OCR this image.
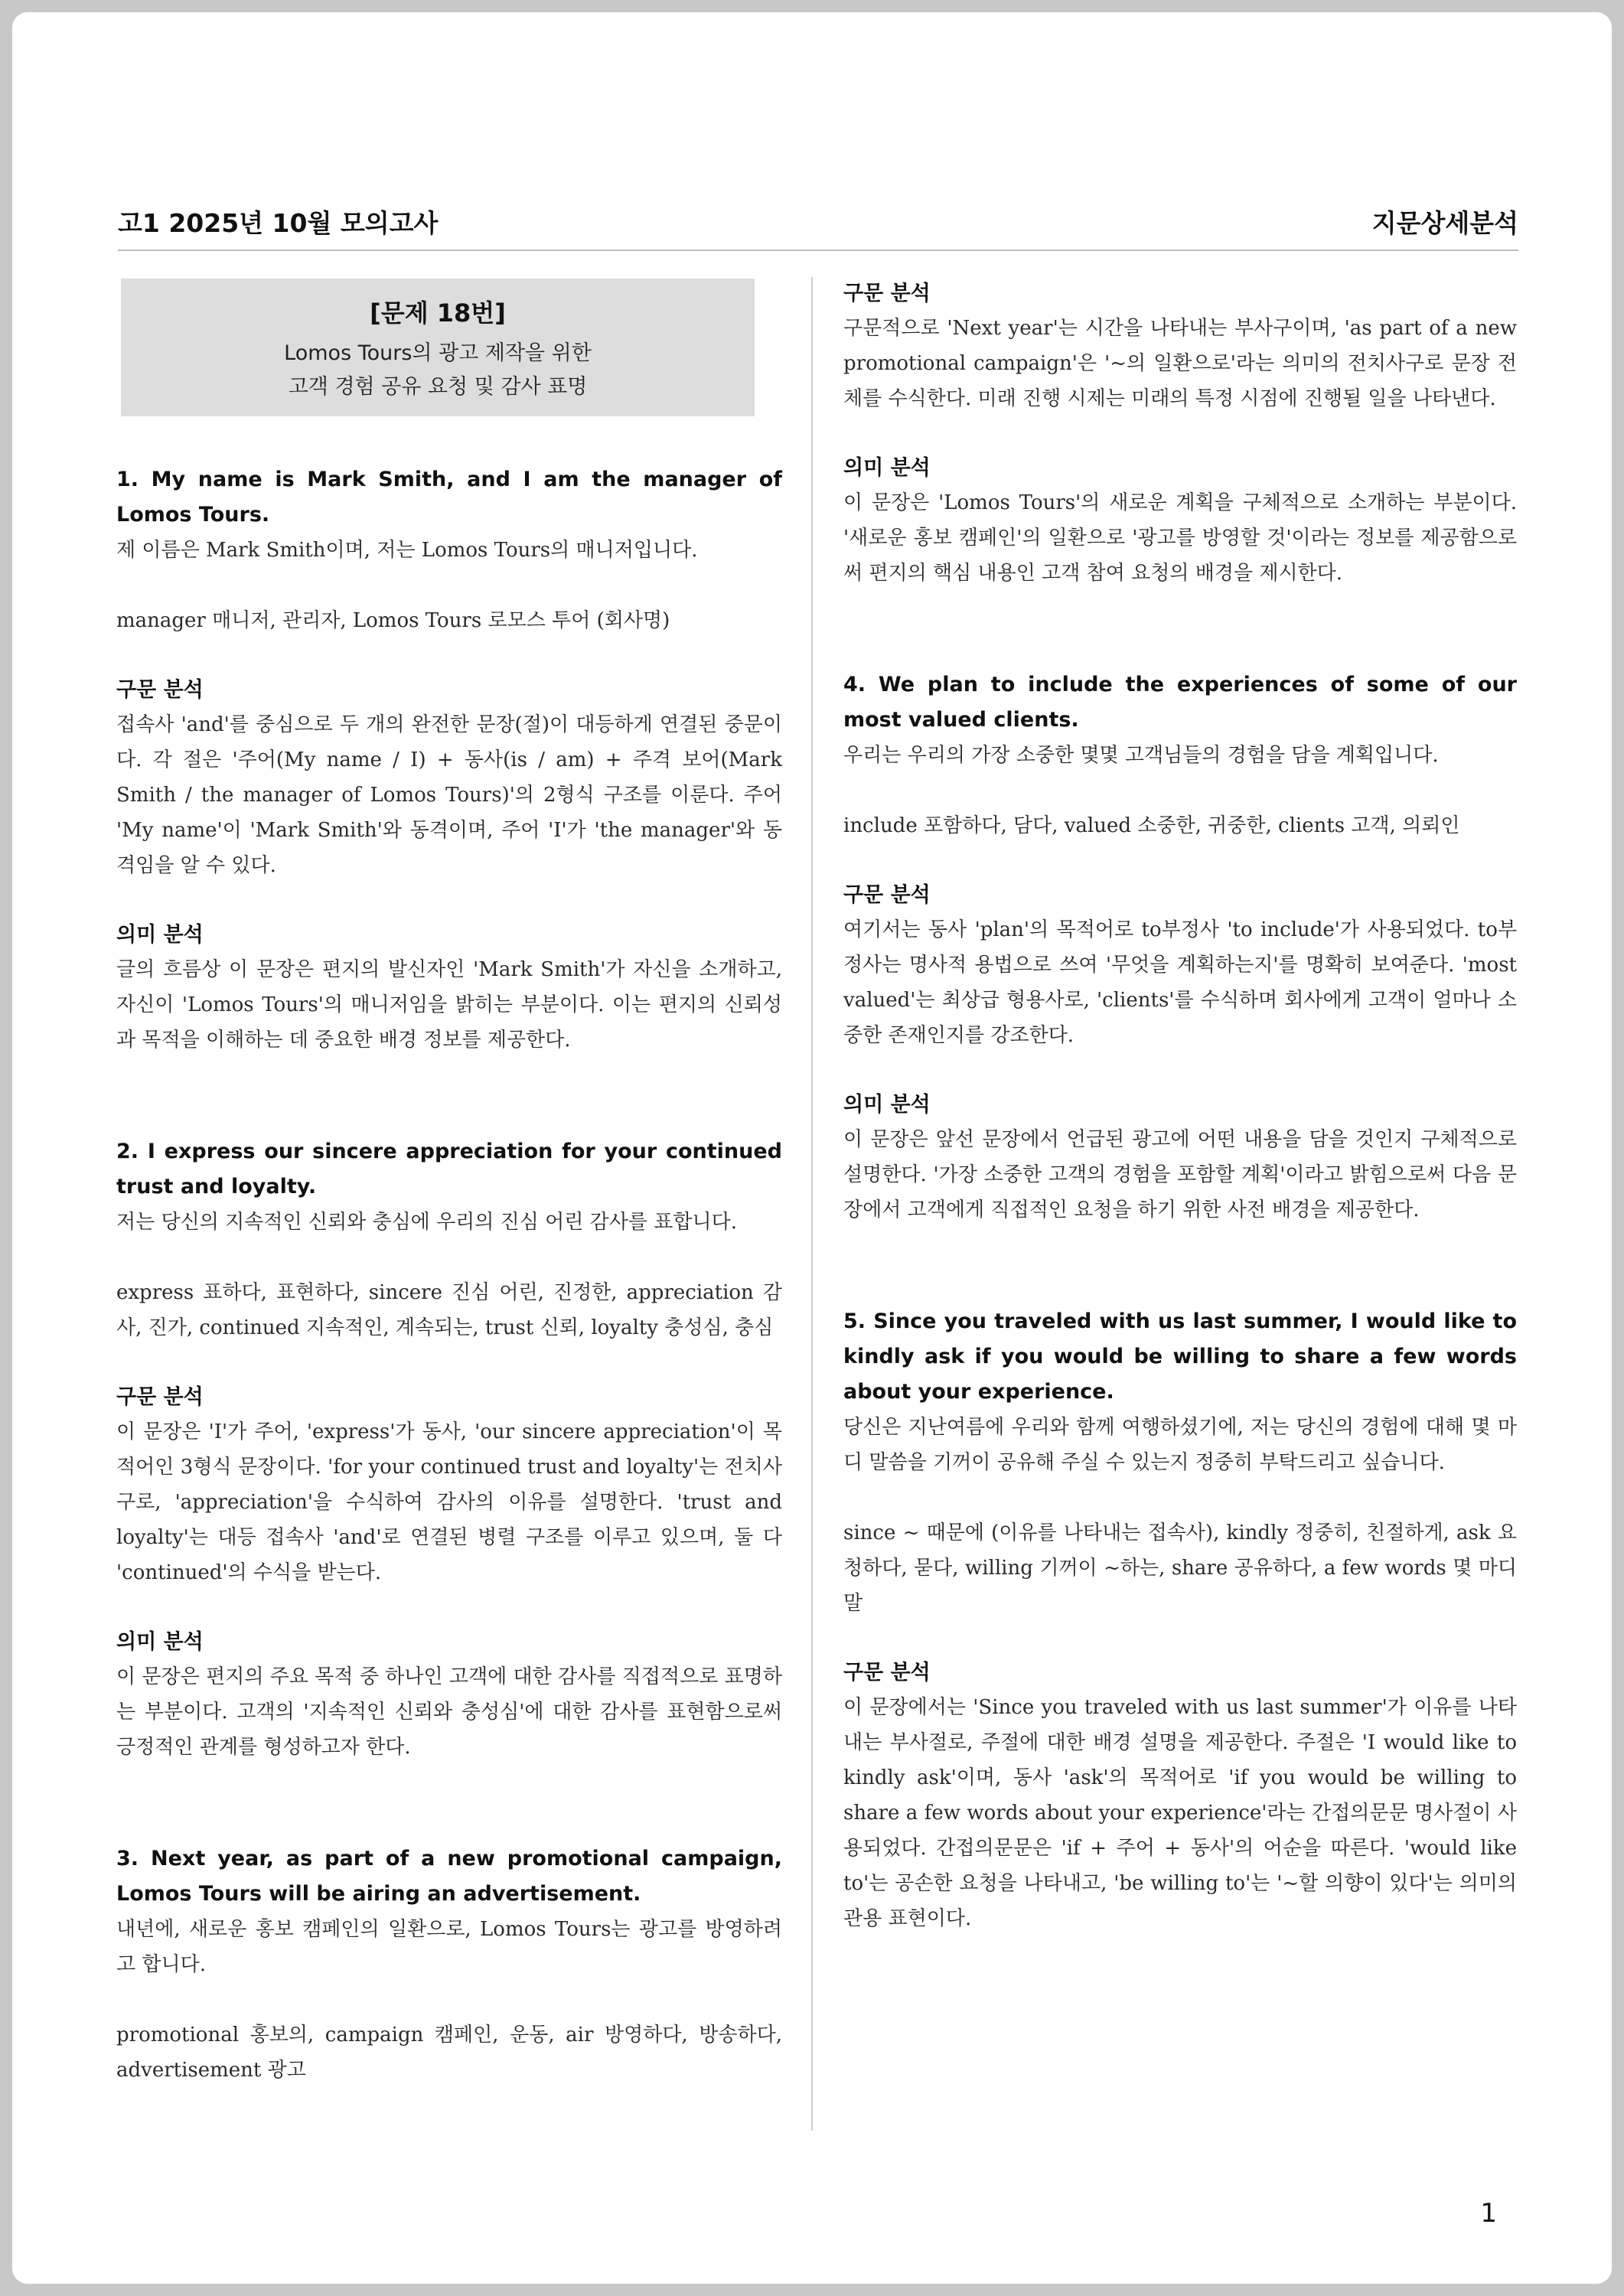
고1 2025년 10월 모의고사	지문상세분석
[문제 18번]
Lomos Tours의 광고 제작을 위한
고객 경험 공유 요청 및 감사 표명
1. My name is Mark Smith, and I am the manager of Lomos Tours.
제 이름은 Mark Smith이며, 저는 Lomos Tours의 매니저입니다.
manager 매니저, 관리자, Lomos Tours 로모스 투어 (회사명)
구문 분석
접속사 'and'를 중심으로 두 개의 완전한 문장(절)이 대등하게 연결된 중문이다. 각 절은 '주어(My name / I) + 동사(is / am) + 주격 보어(Mark Smith / the manager of Lomos Tours)'의 2형식 구조를 이룬다. 주어 'My name'이 'Mark Smith'와 동격이며, 주어 'I'가 'the manager'와 동격임을 알 수 있다.
의미 분석
글의 흐름상 이 문장은 편지의 발신자인 'Mark Smith'가 자신을 소개하고, 자신이 'Lomos Tours'의 매니저임을 밝히는 부분이다. 이는 편지의 신뢰성과 목적을 이해하는 데 중요한 배경 정보를 제공한다.
2. I express our sincere appreciation for your continued trust and loyalty.
저는 당신의 지속적인 신뢰와 충심에 우리의 진심 어린 감사를 표합니다.
express 표하다, 표현하다, sincere 진심 어린, 진정한, appreciation 감사, 진가, continued 지속적인, 계속되는, trust 신뢰, loyalty 충성심, 충심
구문 분석
이 문장은 'I'가 주어, 'express'가 동사, 'our sincere appreciation'이 목적어인 3형식 문장이다. 'for your continued trust and loyalty'는 전치사구로, 'appreciation'을 수식하여 감사의 이유를 설명한다. 'trust and loyalty'는 대등 접속사 'and'로 연결된 병렬 구조를 이루고 있으며, 둘 다 'continued'의 수식을 받는다.
의미 분석
이 문장은 편지의 주요 목적 중 하나인 고객에 대한 감사를 직접적으로 표명하는 부분이다. 고객의 '지속적인 신뢰와 충성심'에 대한 감사를 표현함으로써 긍정적인 관계를 형성하고자 한다.
3. Next year, as part of a new promotional campaign, Lomos Tours will be airing an advertisement.
내년에, 새로운 홍보 캠페인의 일환으로, Lomos Tours는 광고를 방영하려고 합니다.
promotional 홍보의, campaign 캠페인, 운동, air 방영하다, 방송하다, advertisement 광고
구문 분석
구문적으로 'Next year'는 시간을 나타내는 부사구이며, 'as part of a new promotional campaign'은 '~의 일환으로'라는 의미의 전치사구로 문장 전체를 수식한다. 미래 진행 시제는 미래의 특정 시점에 진행될 일을 나타낸다.
의미 분석
이 문장은 'Lomos Tours'의 새로운 계획을 구체적으로 소개하는 부분이다. '새로운 홍보 캠페인'의 일환으로 '광고를 방영할 것'이라는 정보를 제공함으로써 편지의 핵심 내용인 고객 참여 요청의 배경을 제시한다.
4. We plan to include the experiences of some of our most valued clients.
우리는 우리의 가장 소중한 몇몇 고객님들의 경험을 담을 계획입니다.
include 포함하다, 담다, valued 소중한, 귀중한, clients 고객, 의뢰인
구문 분석
여기서는 동사 'plan'의 목적어로 to부정사 'to include'가 사용되었다. to부정사는 명사적 용법으로 쓰여 '무엇을 계획하는지'를 명확히 보여준다. 'most valued'는 최상급 형용사로, 'clients'를 수식하며 회사에게 고객이 얼마나 소중한 존재인지를 강조한다.
의미 분석
이 문장은 앞선 문장에서 언급된 광고에 어떤 내용을 담을 것인지 구체적으로 설명한다. '가장 소중한 고객의 경험을 포함할 계획'이라고 밝힘으로써 다음 문장에서 고객에게 직접적인 요청을 하기 위한 사전 배경을 제공한다.
5. Since you traveled with us last summer, I would like to kindly ask if you would be willing to share a few words about your experience.
당신은 지난여름에 우리와 함께 여행하셨기에, 저는 당신의 경험에 대해 몇 마디 말씀을 기꺼이 공유해 주실 수 있는지 정중히 부탁드리고 싶습니다.
since ~ 때문에 (이유를 나타내는 접속사), kindly 정중히, 친절하게, ask 요청하다, 묻다, willing 기꺼이 ~하는, share 공유하다, a few words 몇 마디 말
구문 분석
이 문장에서는 'Since you traveled with us last summer'가 이유를 나타내는 부사절로, 주절에 대한 배경 설명을 제공한다. 주절은 'I would like to kindly ask'이며, 동사 'ask'의 목적어로 'if you would be willing to share a few words about your experience'라는 간접의문문 명사절이 사용되었다. 간접의문문은 'if + 주어 + 동사'의 어순을 따른다. 'would like to'는 공손한 요청을 나타내고, 'be willing to'는 '~할 의향이 있다'는 의미의 관용 표현이다.
1
